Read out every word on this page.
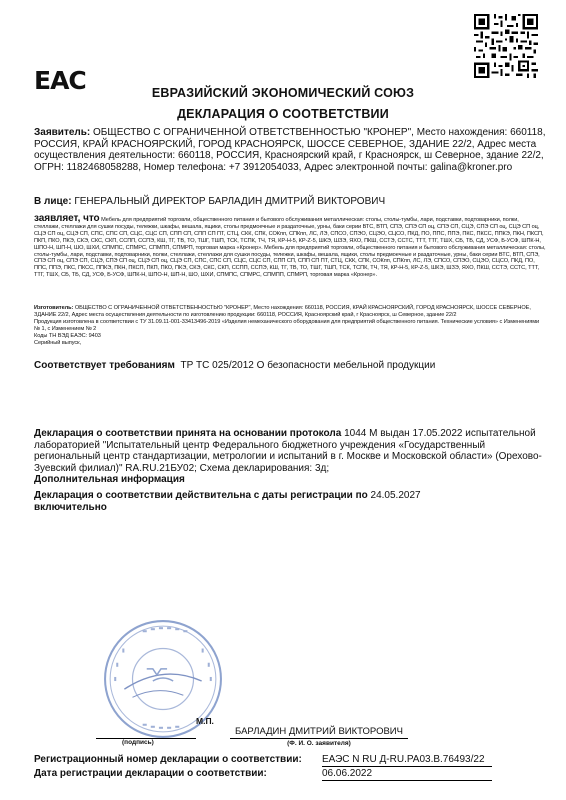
ЕАС	ЕВРАЗИЙСКИЙ ЭКОНОМИЧЕСКИЙ СОЮЗ
ДЕКЛАРАЦИЯ О СООТВЕТСТВИИ
Заявитель: ОБЩЕСТВО С ОГРАНИЧЕННОЙ ОТВЕТСТВЕННОСТЬЮ "КРОНЕР", Место нахождения: 660118, РОССИЯ, КРАЙ КРАСНОЯРСКИЙ, ГОРОД КРАСНОЯРСК, ШОССЕ СЕВЕРНОЕ, ЗДАНИЕ 22/2, Адрес места осуществления деятельности: 660118, РОССИЯ, Красноярский край, г Красноярск, ш Северное, здание 22/2, ОГРН: 1182468058288, Номер телефона: +7 3912054033, Адрес электронной почты: galina@kroner.pro
В лице: ГЕНЕРАЛЬНЫЙ ДИРЕКТОР БАРЛАДИН ДМИТРИЙ ВИКТОРОВИЧ
заявляет, что Мебель для предприятий торговли, общественного питания и бытового обслуживания металлическая: столы, столы-тумбы, лари, подставки, подтоварники, полки, стеллажи, стеллажи для сушки посуды, тележки, шкафы, вешала, ящики, столы предмоечные и раздаточные, урны, баки серии ВТС, ВТП, СПЭ, СПЭ СП оц, СПЭ СП, СЦЭ, СПЭ СП оц, СЦЭ СП оц, СЦЭ СП оц, СЦЭ СП, СПС, СПС СП, СЦС, СЦС СП, СПП СП, СПП СП ПТ, СТЦ, СКК, СПК, СОКпп, СПКпп, ЛС, ЛЭ, СПСО, СПЭО, СЦЭО, СЦСО, ПКД, ПО, ППС, ППЭ, ПКС, ПКСС, ППКЭ, ПКН, ПКСП, ПКП, ПКО, ПКЭ, СКЭ, СКС, СКП, ССПП, ССПЭ, КШ, ТГ, ТВ, ТО, ТШГ, ТШП, ТСК, ТСПК, ТЧ, ТЯ, КР-Н-5, КР-Z-5, ШКЭ, ШЗЭ, ЯХО, ПКШ, ССТЭ, ССТС, ТТТ, ТТГ, ТШХ, СБ, ТБ, СД, УСФ, Б-УСФ, ШПК-Н, ШПО-Н, ШП-Н, ШО, ШХИ, СПМПС, СПМРС, СПМПП, СПМРП, торговая марка «Кронер». Мебель для предприятий торговли, общественного питания и бытового обслуживания металлическая: столы, столы-тумбы, лари, подставки, подтоварники, полки, стеллажи, стеллажи для сушки посуды, тележки, шкафы, вешала, ящики, столы предмоечные и раздаточные, урны, баки серии ВТС, ВТП, СПЭ, СПЭ СП оц, СПЭ СП, СЦЭ, СПЭ СП оц, СЦЭ СП оц, СЦЭ СП, СПС, СПС СП, СЦС, СЦС СП, СПП СП, СПП СП ПТ, СТЦ, СКК, СПК, СОКпп, СПКпп, ЛС, ЛЭ, СПСО, СПЭО, СЦЭО, СЦСО, ПКД, ПО, ППС, ППЭ, ПКС, ПКСС, ППКЭ, ПКН, ПКСП, ПКП, ПКО, ПКЭ, СКЭ, СКС, СКП, ССПП, ССПЭ, КШ, ТГ, ТВ, ТО, ТШГ, ТШП, ТСК, ТСПК, ТЧ, ТЯ, КР-Н-5, КР-Z-5, ШКЭ, ШЗЭ, ЯХО, ПКШ, ССТЭ, ССТС, ТТТ, ТТГ, ТШХ, СБ, ТБ, СД, УСФ, Б-УСФ, ШПК-Н, ШПО-Н, ШП-Н, ШО, ШХИ, СПМПС, СПМРС, СПМПП, СПМРП, торговая марка «Кронер».
Изготовитель: ОБЩЕСТВО С ОГРАНИЧЕННОЙ ОТВЕТСТВЕННОСТЬЮ "КРОНЕР", Место нахождения: 660118, РОССИЯ, КРАЙ КРАСНОЯРСКИЙ, ГОРОД КРАСНОЯРСК, ШОССЕ СЕВЕРНОЕ, ЗДАНИЕ 22/2, Адрес места осуществления деятельности по изготовлению продукции: 660118, РОССИЯ, Красноярский край, г Красноярск, ш Северное, здание 22/2
Продукция изготовлена в соответствии с ТУ 31.09.11-001-33413496-2019 «Изделия немеханического оборудования для предприятий общественного питания. Технические условия» с Изменениями № 1, с Изменением № 2
Коды ТН ВЭД ЕАЭС: 9403
Серийный выпуск,
Соответствует требованиям ТР ТС 025/2012 О безопасности мебельной продукции
Декларация о соответствии принята на основании протокола 1044 М выдан 17.05.2022 испытательной лабораторией "Испытательный центр Федерального бюджетного учреждения «Государственный региональный центр стандартизации, метрологии и испытаний в г. Москве и Московской области» (Орехово-Зуевский филиал)" RA.RU.21БУ02; Схема декларирования: 3д;
Дополнительная информация
Декларация о соответствии действительна с даты регистрации по 24.05.2027
включительно
М.П.
(подпись)
БАРЛАДИН ДМИТРИЙ ВИКТОРОВИЧ
(Ф. И. О. заявителя)
Регистрационный номер декларации о соответствии: ЕАЭС N RU Д-RU.PA03.B.76493/22
Дата регистрации декларации о соответствии:	06.06.2022
